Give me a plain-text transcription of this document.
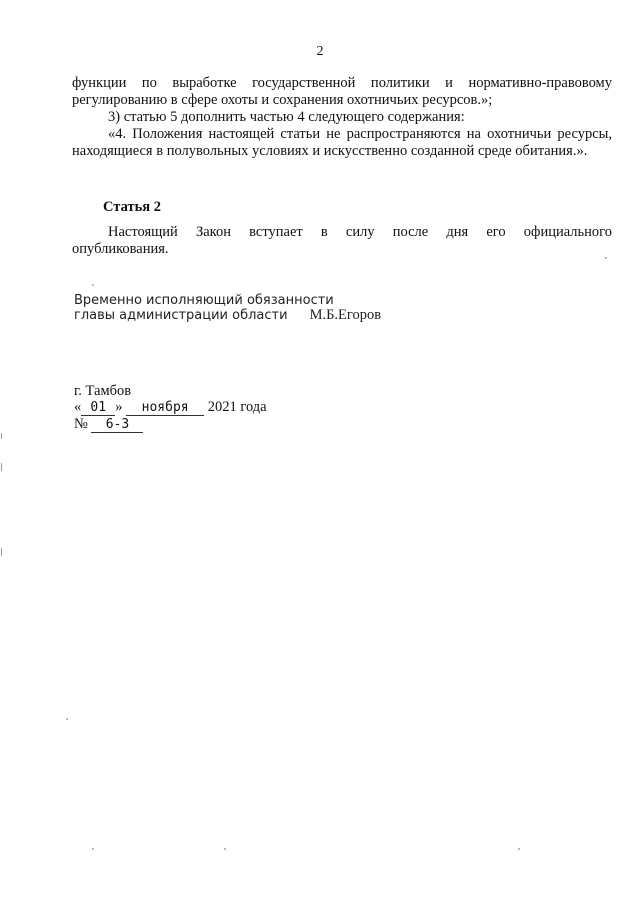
2

функции по выработке государственной политики и нормативно-правовому регулированию в сфере охоты и сохранения охотничьих ресурсов.»;

3) статью 5 дополнить частью 4 следующего содержания:

«4. Положения настоящей статьи не распространяются на охотничьи ресурсы, находящиеся в полувольных условиях и искусственно созданной среде обитания.».

Статья 2

Настоящий Закон вступает в силу после дня его официального опубликования.

Временно исполняющий обязанности
главы администрации области М.Б.Егоров
г. Тамбов
« 01 » ноября 2021 года
№ 6-З
